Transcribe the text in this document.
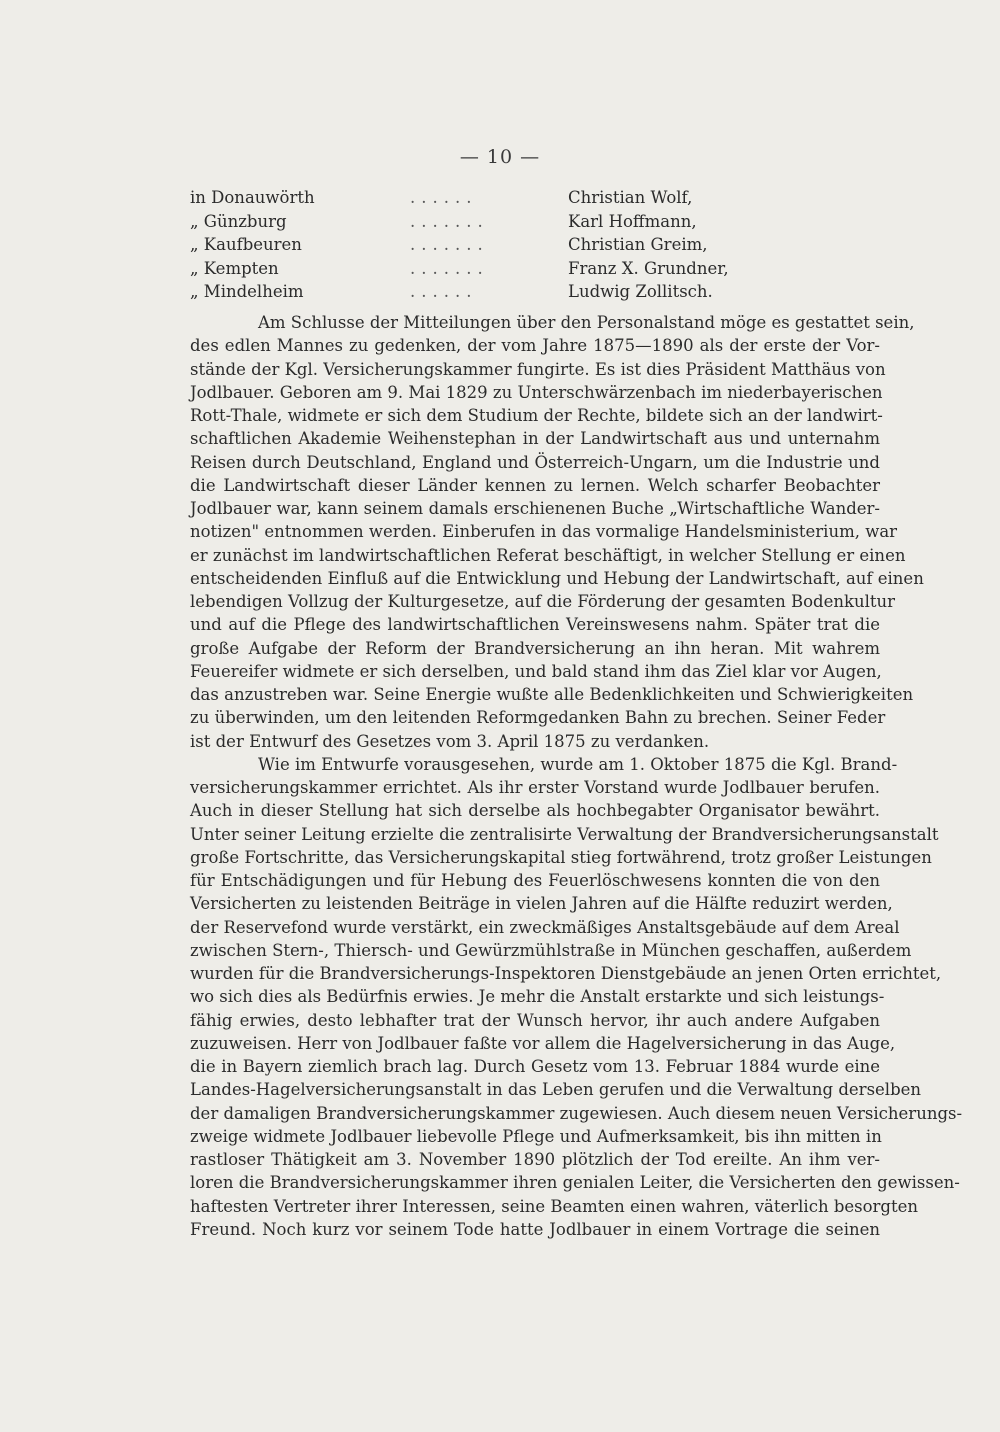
— 10 —
in Donauwörth	......	Christian Wolf,
„ Günzburg	.......	Karl Hoffmann,
„ Kaufbeuren	.......	Christian Greim,
„ Kempten	.......	Franz X. Grundner,
„ Mindelheim	......	Ludwig Zollitsch.
Am Schlusse der Mitteilungen über den Personalstand möge es gestattet sein,
des edlen Mannes zu gedenken, der vom Jahre 1875—1890 als der erste der Vor-
stände der Kgl. Versicherungskammer fungirte. Es ist dies Präsident Matthäus von
Jodlbauer. Geboren am 9. Mai 1829 zu Unterschwärzenbach im niederbayerischen
Rott-Thale, widmete er sich dem Studium der Rechte, bildete sich an der landwirt-
schaftlichen Akademie Weihenstephan in der Landwirtschaft aus und unternahm
Reisen durch Deutschland, England und Österreich-Ungarn, um die Industrie und
die Landwirtschaft dieser Länder kennen zu lernen. Welch scharfer Beobachter
Jodlbauer war, kann seinem damals erschienenen Buche „Wirtschaftliche Wander-
notizen" entnommen werden. Einberufen in das vormalige Handelsministerium, war
er zunächst im landwirtschaftlichen Referat beschäftigt, in welcher Stellung er einen
entscheidenden Einfluß auf die Entwicklung und Hebung der Landwirtschaft, auf einen
lebendigen Vollzug der Kulturgesetze, auf die Förderung der gesamten Bodenkultur
und auf die Pflege des landwirtschaftlichen Vereinswesens nahm. Später trat die
große Aufgabe der Reform der Brandversicherung an ihn heran. Mit wahrem
Feuereifer widmete er sich derselben, und bald stand ihm das Ziel klar vor Augen,
das anzustreben war. Seine Energie wußte alle Bedenklichkeiten und Schwierigkeiten
zu überwinden, um den leitenden Reformgedanken Bahn zu brechen. Seiner Feder
ist der Entwurf des Gesetzes vom 3. April 1875 zu verdanken.
Wie im Entwurfe vorausgesehen, wurde am 1. Oktober 1875 die Kgl. Brand-
versicherungskammer errichtet. Als ihr erster Vorstand wurde Jodlbauer berufen.
Auch in dieser Stellung hat sich derselbe als hochbegabter Organisator bewährt.
Unter seiner Leitung erzielte die zentralisirte Verwaltung der Brandversicherungsanstalt
große Fortschritte, das Versicherungskapital stieg fortwährend, trotz großer Leistungen
für Entschädigungen und für Hebung des Feuerlöschwesens konnten die von den
Versicherten zu leistenden Beiträge in vielen Jahren auf die Hälfte reduzirt werden,
der Reservefond wurde verstärkt, ein zweckmäßiges Anstaltsgebäude auf dem Areal
zwischen Stern-, Thiersch- und Gewürzmühlstraße in München geschaffen, außerdem
wurden für die Brandversicherungs-Inspektoren Dienstgebäude an jenen Orten errichtet,
wo sich dies als Bedürfnis erwies. Je mehr die Anstalt erstarkte und sich leistungs-
fähig erwies, desto lebhafter trat der Wunsch hervor, ihr auch andere Aufgaben
zuzuweisen. Herr von Jodlbauer faßte vor allem die Hagelversicherung in das Auge,
die in Bayern ziemlich brach lag. Durch Gesetz vom 13. Februar 1884 wurde eine
Landes-Hagelversicherungsanstalt in das Leben gerufen und die Verwaltung derselben
der damaligen Brandversicherungskammer zugewiesen. Auch diesem neuen Versicherungs-
zweige widmete Jodlbauer liebevolle Pflege und Aufmerksamkeit, bis ihn mitten in
rastloser Thätigkeit am 3. November 1890 plötzlich der Tod ereilte. An ihm ver-
loren die Brandversicherungskammer ihren genialen Leiter, die Versicherten den gewissen-
haftesten Vertreter ihrer Interessen, seine Beamten einen wahren, väterlich besorgten
Freund. Noch kurz vor seinem Tode hatte Jodlbauer in einem Vortrage die seinen
